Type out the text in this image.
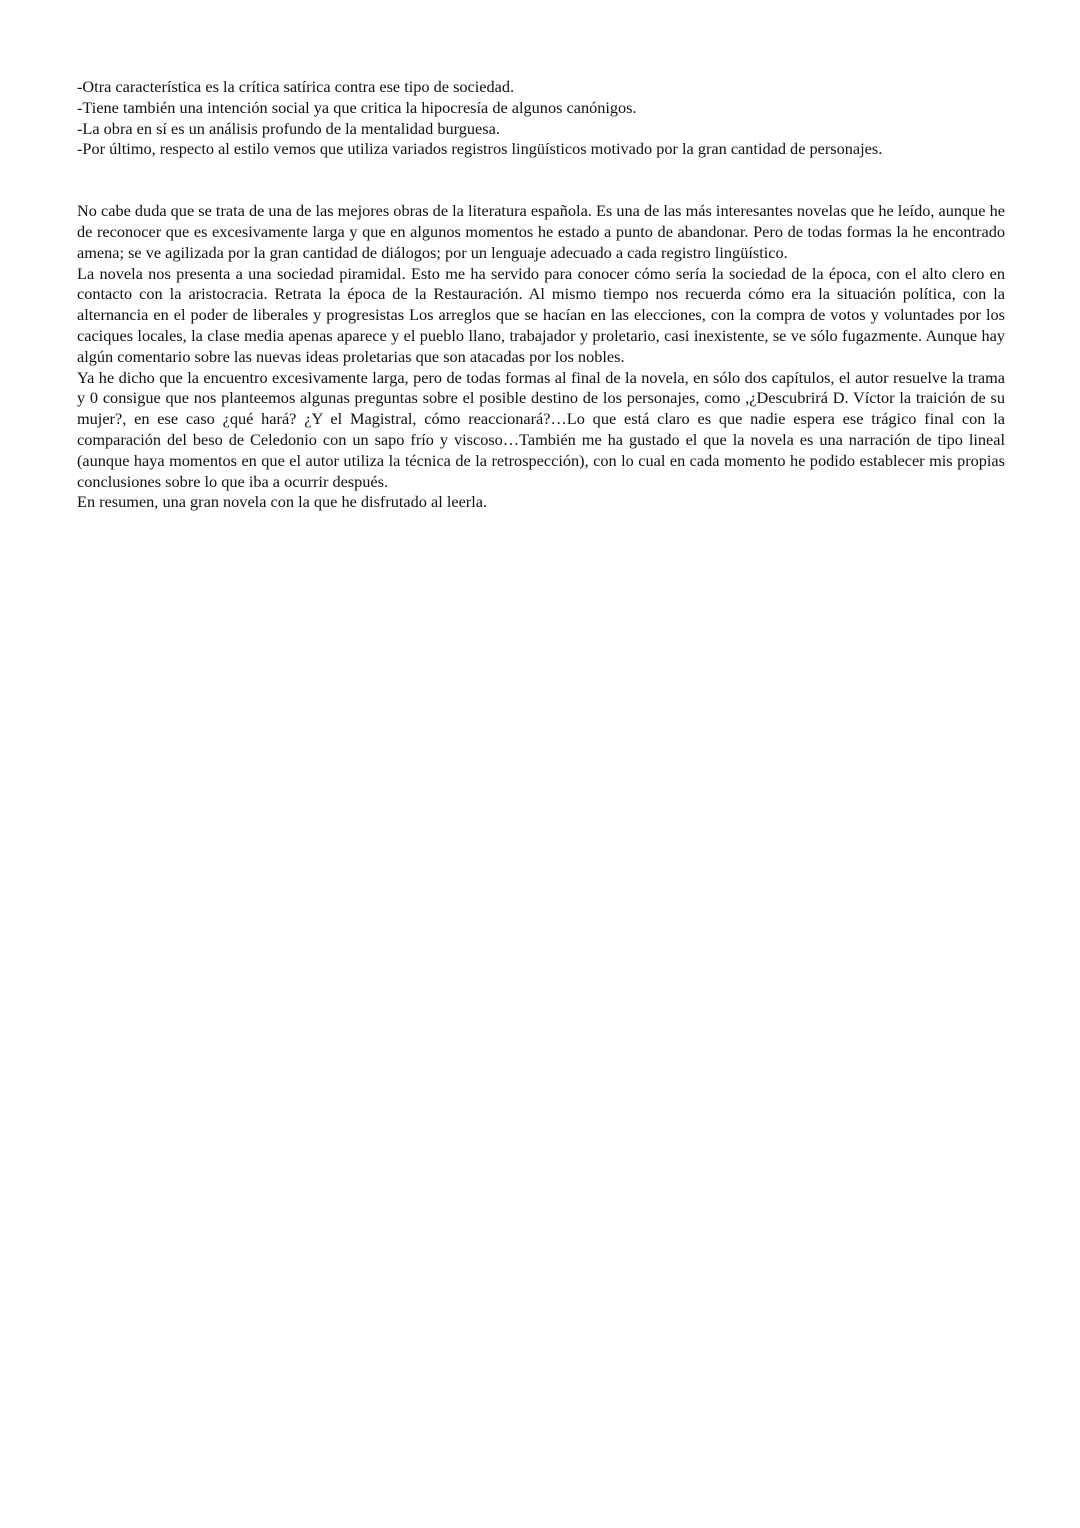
-Otra característica es la crítica satírica contra ese tipo de sociedad.
-Tiene también una intención social ya que critica la hipocresía de algunos canónigos.
-La obra en sí es un análisis profundo de la mentalidad burguesa.
-Por último, respecto al estilo vemos que utiliza variados registros lingüísticos motivado por la gran cantidad de personajes.

No cabe duda que se trata de una de las mejores obras de la literatura española. Es una de las más interesantes novelas que he leído, aunque he de reconocer que es excesivamente larga y que en algunos momentos he estado a punto de abandonar. Pero de todas formas la he encontrado amena; se ve agilizada por la gran cantidad de diálogos; por un lenguaje adecuado a cada registro lingüístico.

La novela nos presenta a una sociedad piramidal. Esto me ha servido para conocer cómo sería la sociedad de la época, con el alto clero en contacto con la aristocracia. Retrata la época de la Restauración. Al mismo tiempo nos recuerda cómo era la situación política, con la alternancia en el poder de liberales y progresistas Los arreglos que se hacían en las elecciones, con la compra de votos y voluntades por los caciques locales, la clase media apenas aparece y el pueblo llano, trabajador y proletario, casi inexistente, se ve sólo fugazmente. Aunque hay algún comentario sobre las nuevas ideas proletarias que son atacadas por los nobles.

Ya he dicho que la encuentro excesivamente larga, pero de todas formas al final de la novela, en sólo dos capítulos, el autor resuelve la trama y 0 consigue que nos planteemos algunas preguntas sobre el posible destino de los personajes, como ,¿Descubrirá D. Víctor la traición de su mujer?, en ese caso ¿qué hará? ¿Y el Magistral, cómo reaccionará?…Lo que está claro es que nadie espera ese trágico final con la comparación del beso de Celedonio con un sapo frío y viscoso…También me ha gustado el que la novela es una narración de tipo lineal (aunque haya momentos en que el autor utiliza la técnica de la retrospección), con lo cual en cada momento he podido establecer mis propias conclusiones sobre lo que iba a ocurrir después.

En resumen, una gran novela con la que he disfrutado al leerla.
